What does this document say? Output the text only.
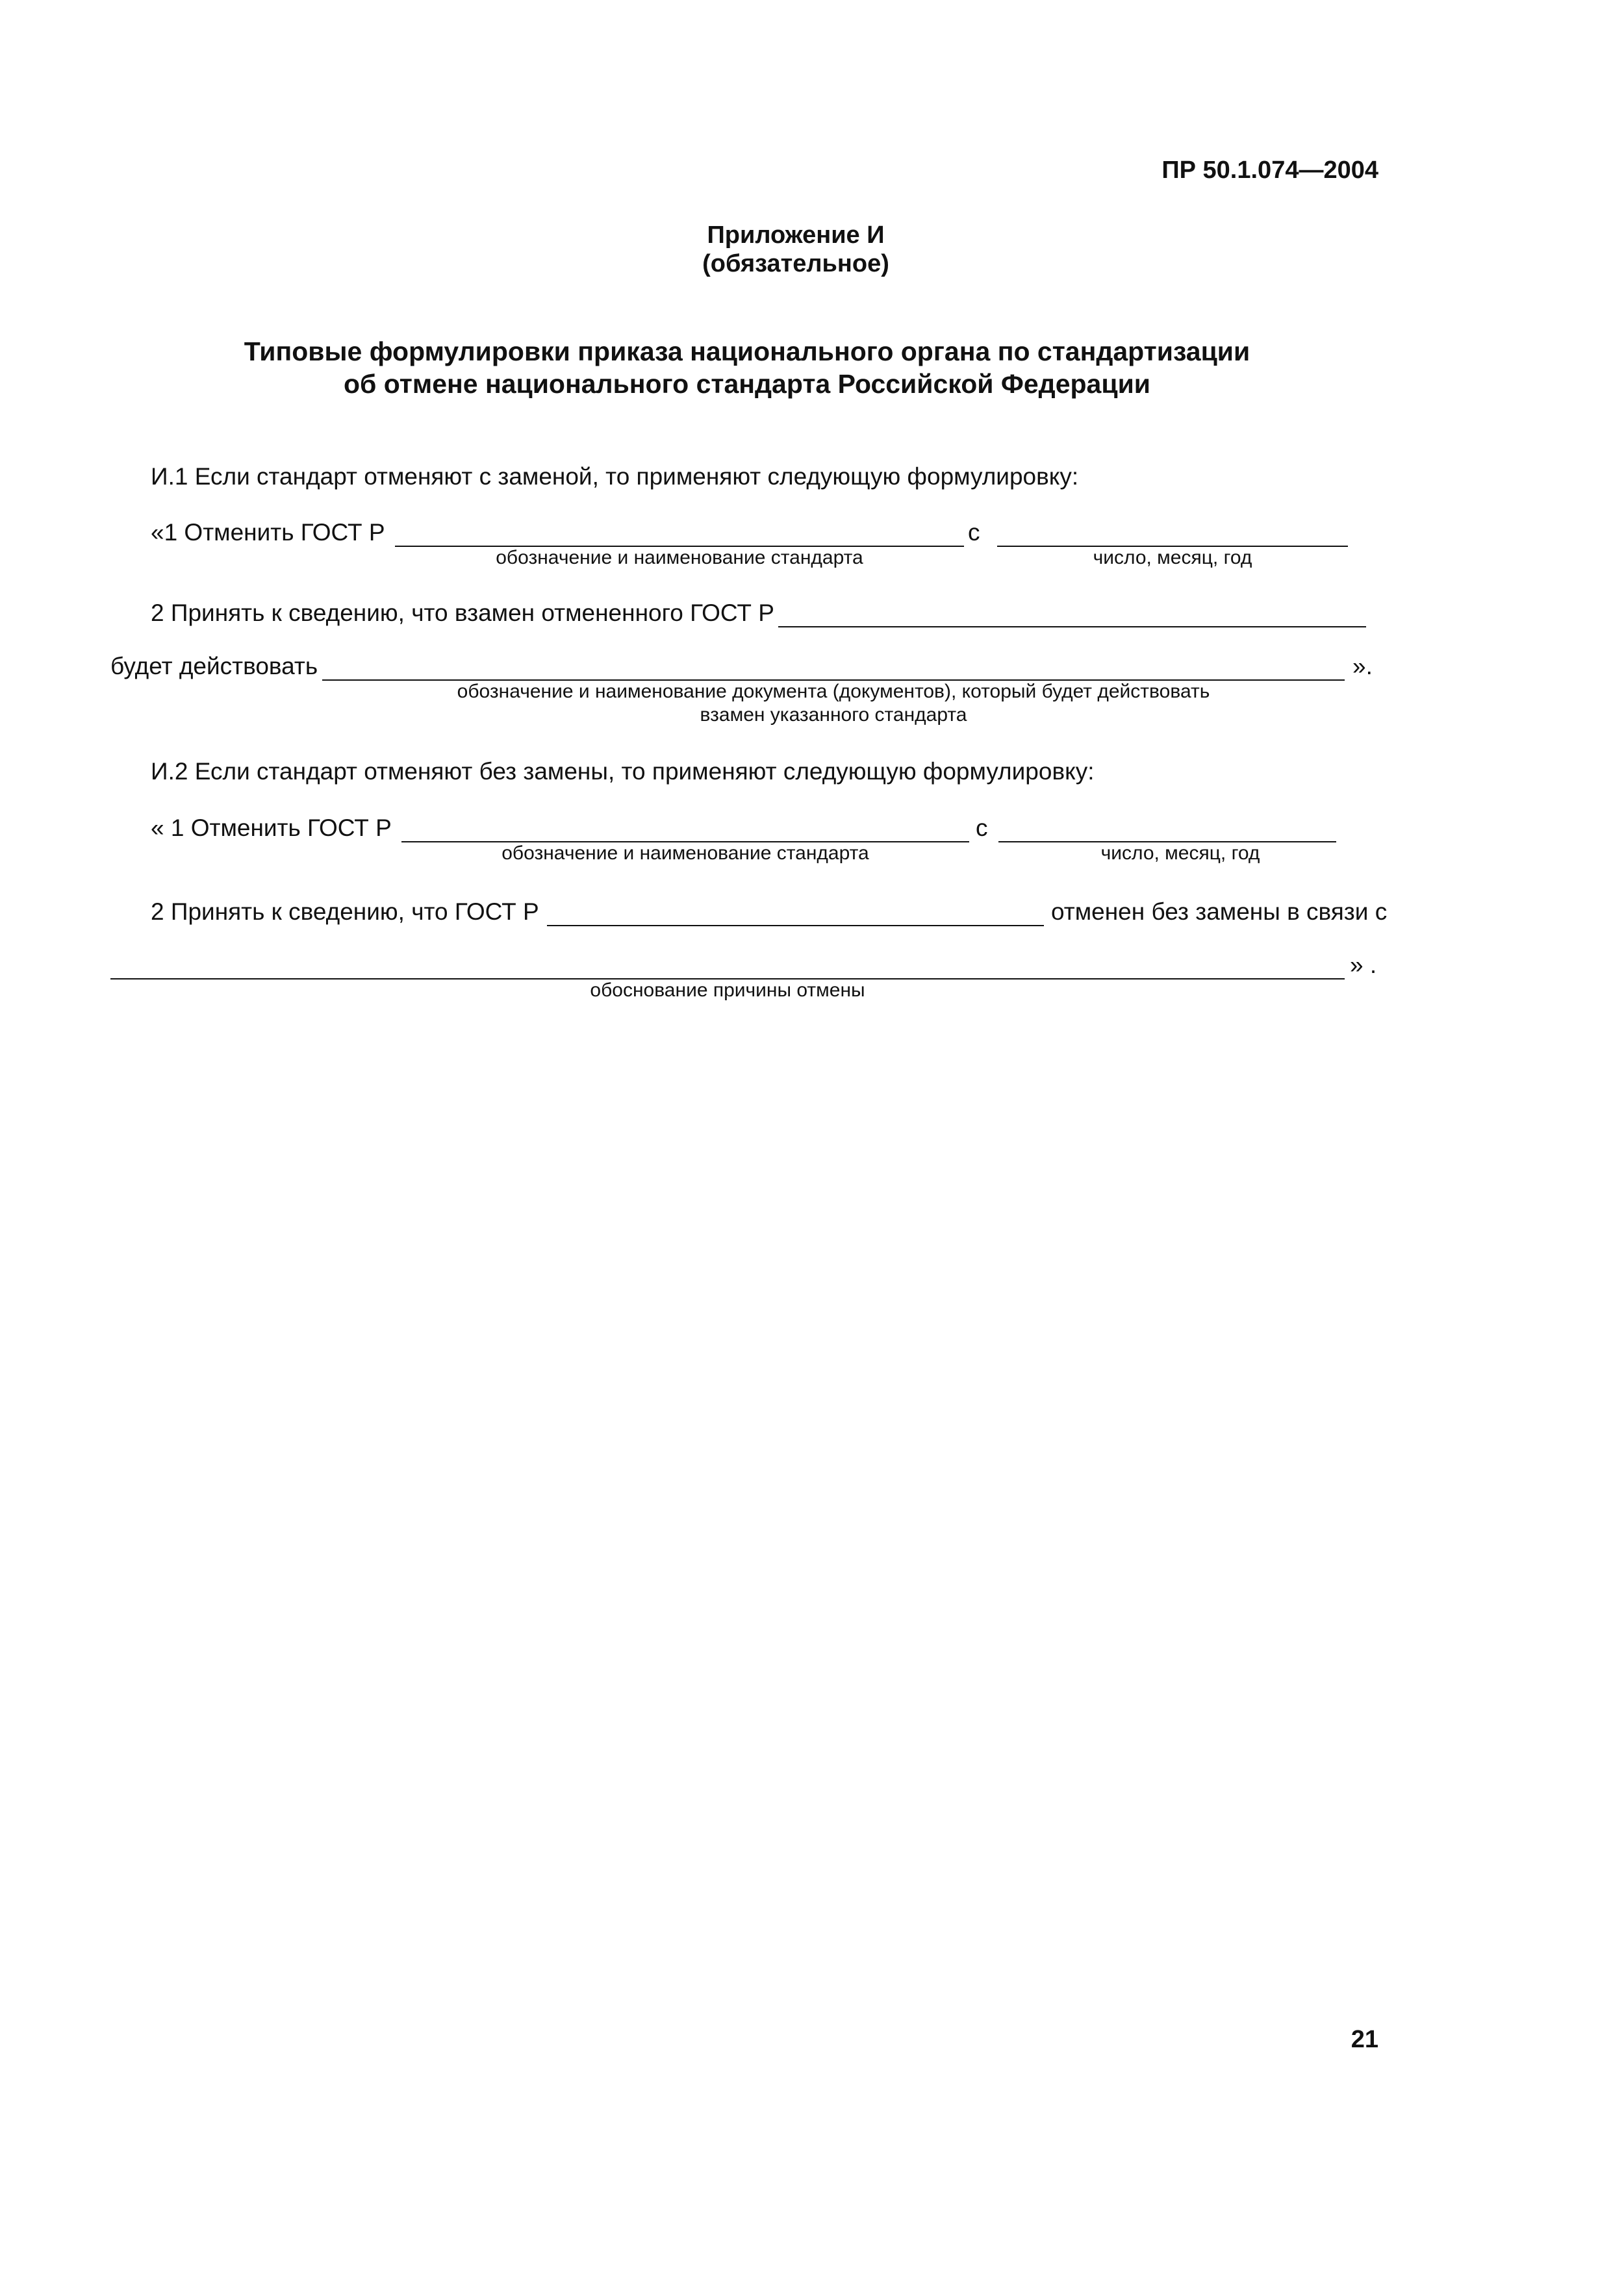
ПР 50.1.074—2004
Приложение И
(обязательное)
Типовые формулировки приказа национального органа по стандартизации
об отмене национального стандарта Российской Федерации
И.1 Если стандарт отменяют с заменой, то применяют следующую формулировку:
«1 Отменить ГОСТ Р	с
обозначение и наименование стандарта	число, месяц, год
2 Принять к сведению, что взамен отмененного ГОСТ Р
будет действовать	».
обозначение и наименование документа (документов), который будет действовать
взамен указанного стандарта
И.2 Если стандарт отменяют без замены, то применяют следующую формулировку:
« 1 Отменить ГОСТ Р	с
обозначение и наименование стандарта	число, месяц, год
2 Принять к сведению, что ГОСТ Р	отменен без замены в связи с
» .
обоснование причины отмены
21
